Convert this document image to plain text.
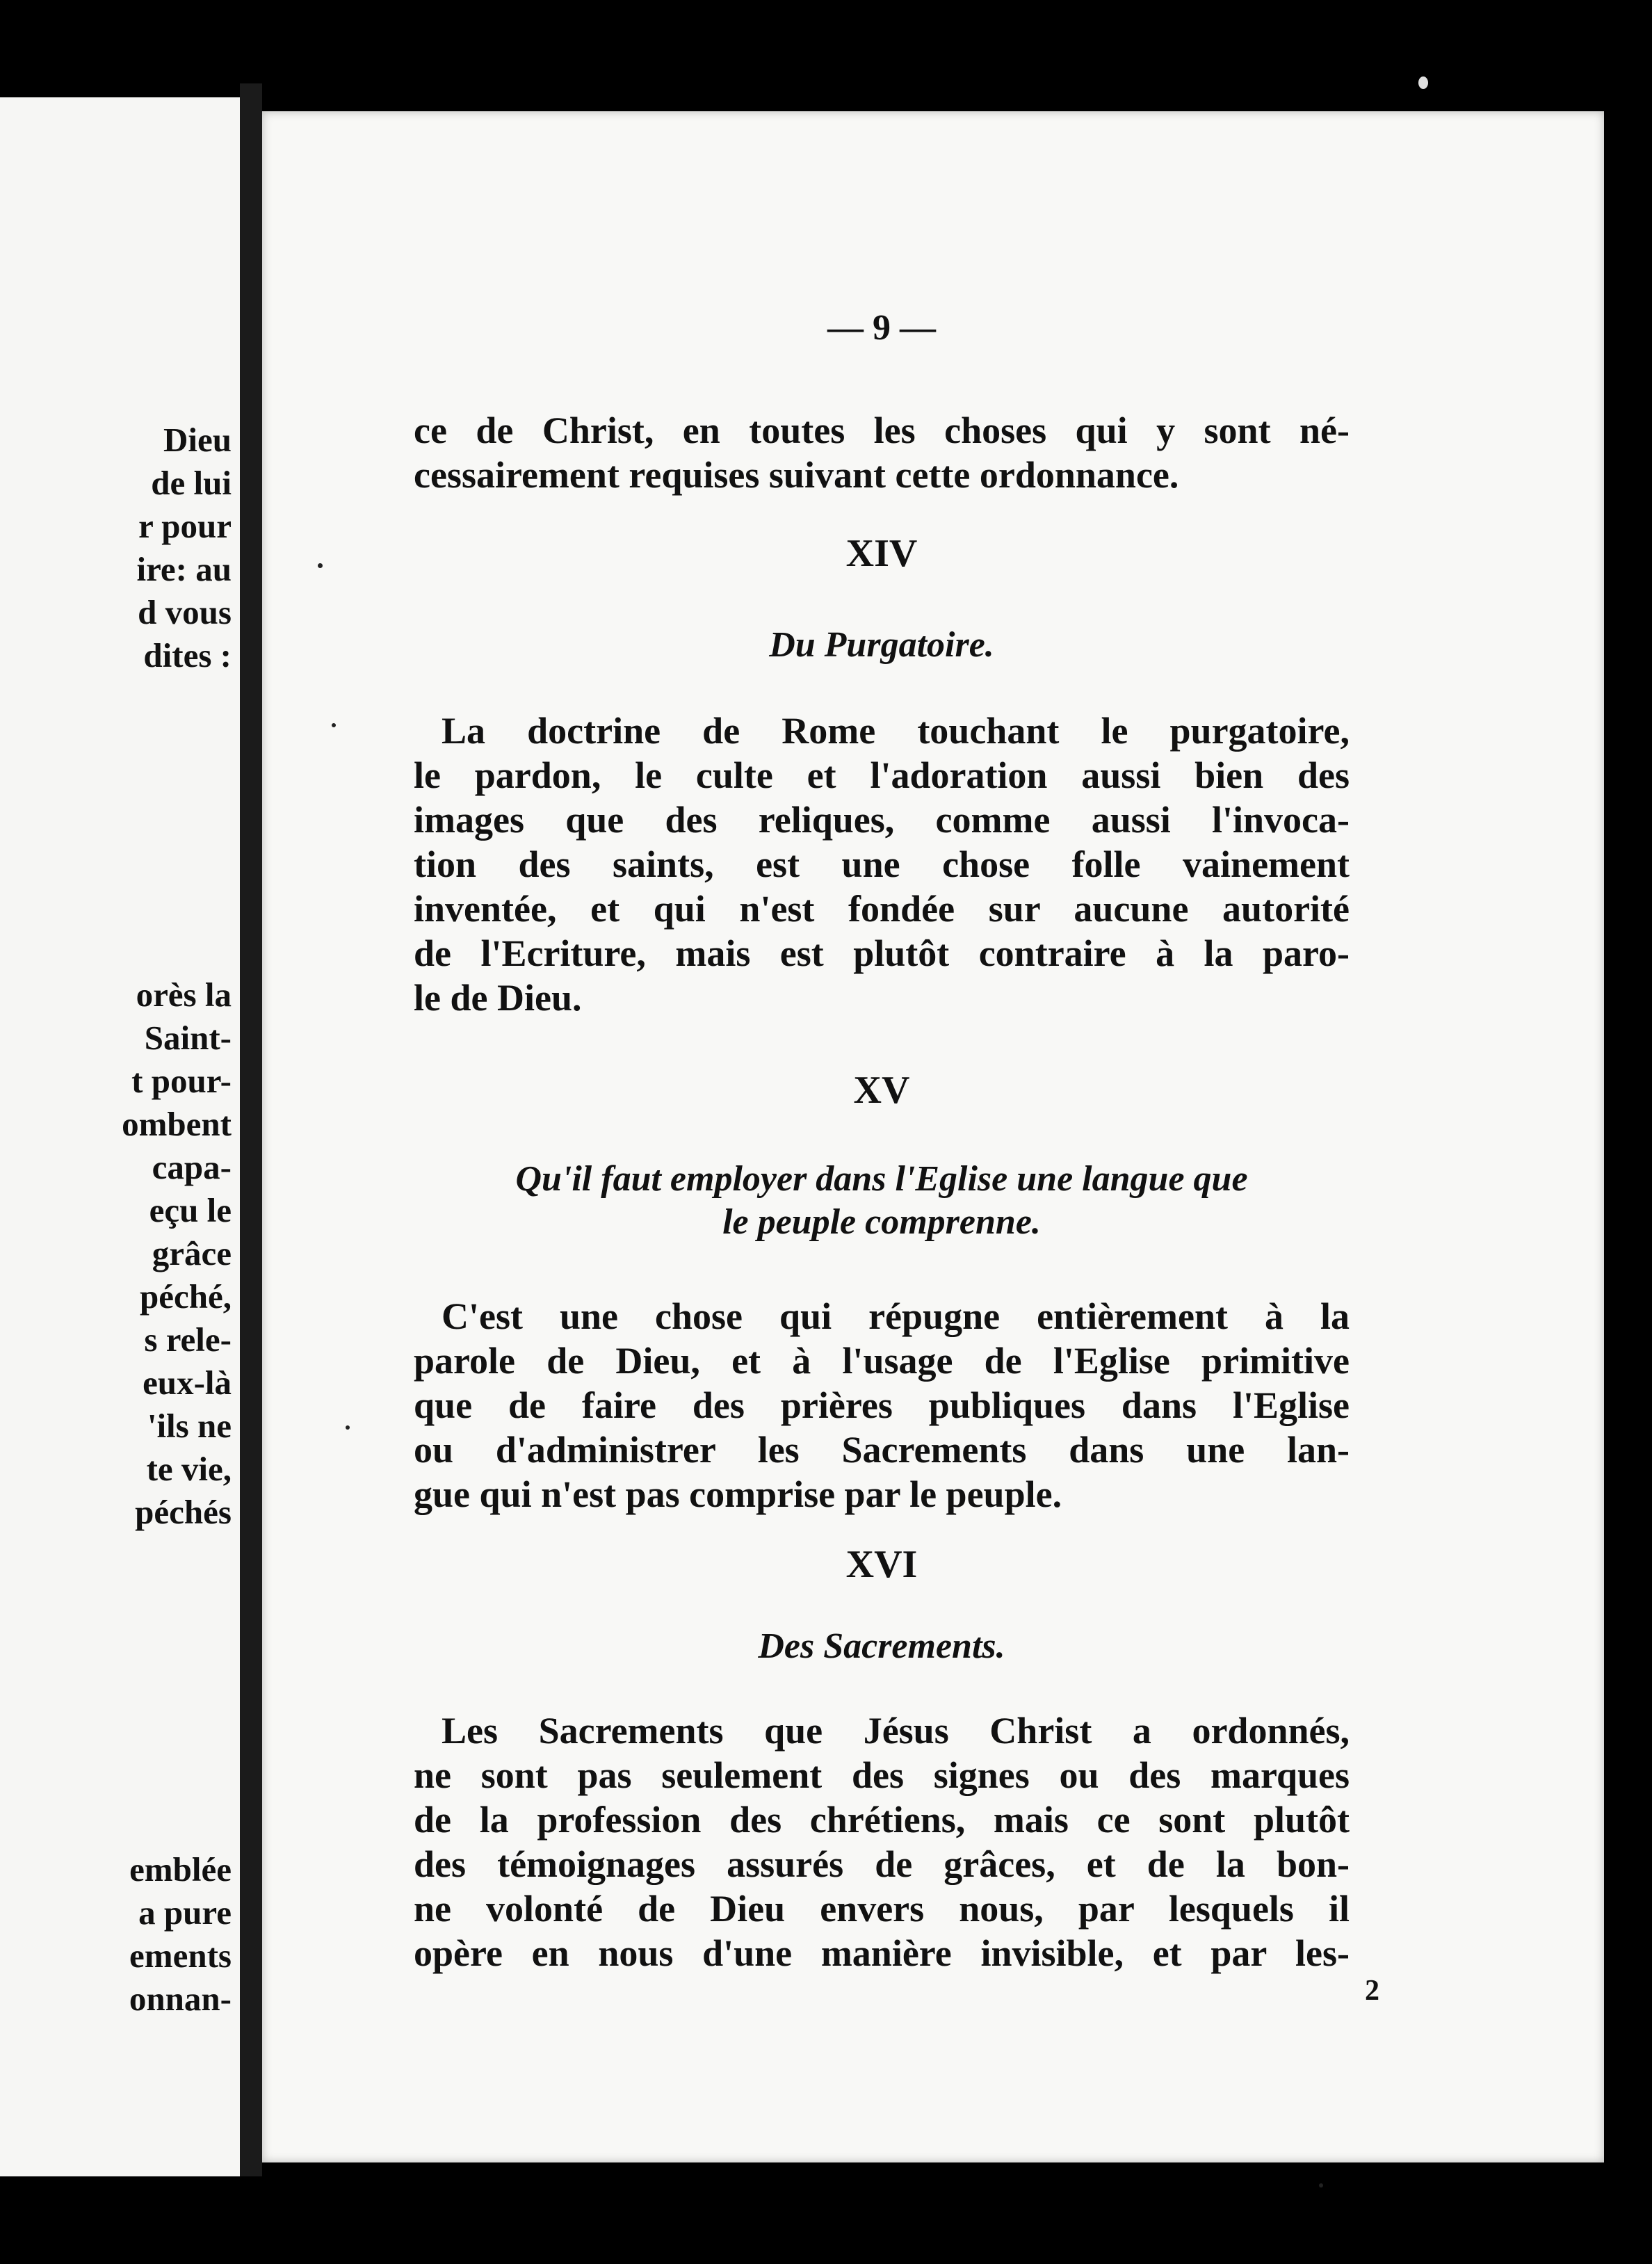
Dieu
de lui
r pour
ire: au
d vous
dites :
orès la
Saint-
t pour-
ombent
capa-
eçu le
grâce
péché,
s rele-
eux-là
'ils ne
te vie,
péchés
emblée
a pure
ements
onnan-
— 9 —
ce de Christ, en toutes les choses qui y sont né-
cessairement requises suivant cette ordonnance.
XIV
Du Purgatoire.
La doctrine de Rome touchant le purgatoire,
le pardon, le culte et l'adoration aussi bien des
images que des reliques, comme aussi l'invoca-
tion des saints, est une chose folle vainement
inventée, et qui n'est fondée sur aucune autorité
de l'Ecriture, mais est plutôt contraire à la paro-
le de Dieu.
XV
Qu'il faut employer dans l'Eglise une langue que
le peuple comprenne.
C'est une chose qui répugne entièrement à la
parole de Dieu, et à l'usage de l'Eglise primitive
que de faire des prières publiques dans l'Eglise
ou d'administrer les Sacrements dans une lan-
gue qui n'est pas comprise par le peuple.
XVI
Des Sacrements.
Les Sacrements que Jésus Christ a ordonnés,
ne sont pas seulement des signes ou des marques
de la profession des chrétiens, mais ce sont plutôt
des témoignages assurés de grâces, et de la bon-
ne volonté de Dieu envers nous, par lesquels il
opère en nous d'une manière invisible, et par les-
2
